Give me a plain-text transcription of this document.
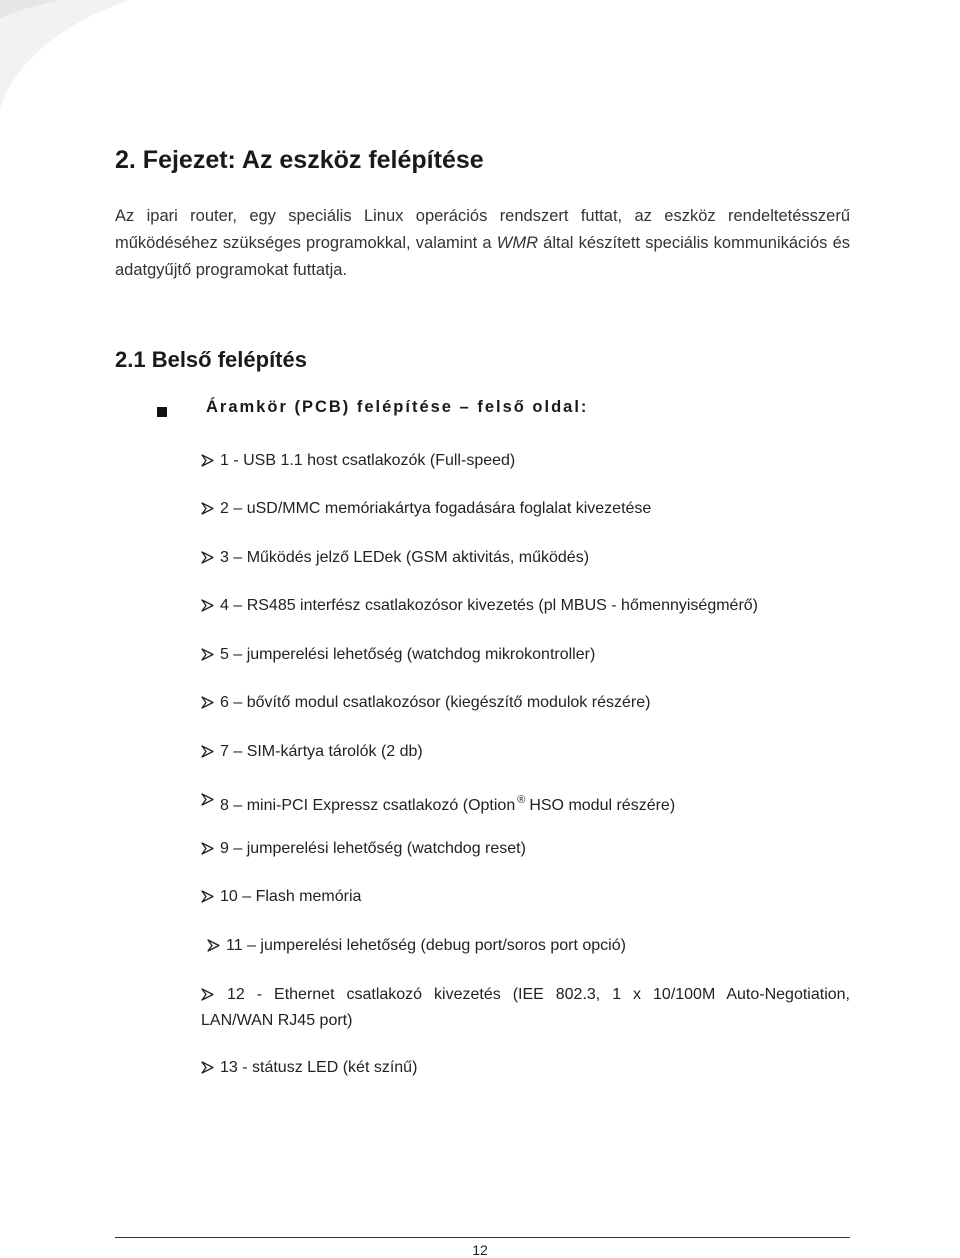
2. Fejezet: Az eszköz felépítése

Az ipari router, egy speciális Linux operációs rendszert futtat, az eszköz rendeltetésszerű működéséhez szükséges programokkal, valamint a WMR által készített speciális kommunikációs és adatgyűjtő programokat futtatja.

2.1 Belső felépítés
Áramkör (PCB) felépítése – felső oldal:
1 - USB 1.1 host csatlakozók (Full-speed)
2 – uSD/MMC memóriakártya fogadására foglalat kivezetése
3 – Működés jelző LEDek (GSM aktivitás, működés)
4 – RS485 interfész csatlakozósor kivezetés (pl MBUS - hőmennyiségmérő)
5 – jumperelési lehetőség (watchdog mikrokontroller)
6 – bővítő modul csatlakozósor (kiegészítő modulok részére)
7 – SIM-kártya tárolók (2 db)
8 – mini-PCI Expressz csatlakozó (Option ® HSO modul részére)
9 – jumperelési lehetőség (watchdog reset)
10 – Flash memória
11 – jumperelési lehetőség (debug port/soros port opció)
12 - Ethernet csatlakozó kivezetés (IEE 802.3, 1 x 10/100M Auto-Negotiation, LAN/WAN RJ45 port)
13 - státusz LED (két színű)
12
